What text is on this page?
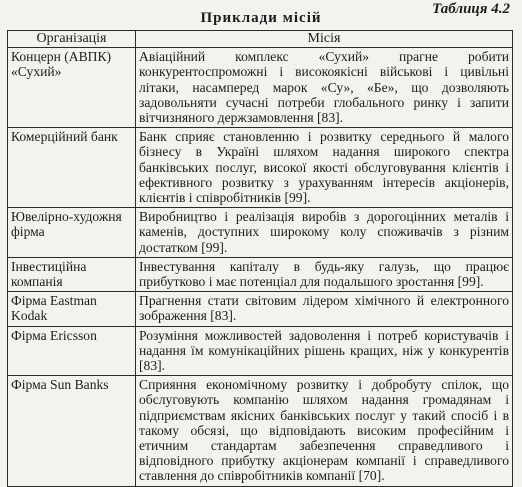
Таблиця 4.2
Приклади місій
Організація	Місія
Концерн (АВПК) «Сухий»	Авіаційний комплекс «Сухий» прагне робити конкурентоспроможні і високоякісні військові і цивільні літаки, насамперед марок «Су», «Бе», що дозволяють задовольняти сучасні потреби глобального ринку і запити вітчизняного держзамовлення [83].
Комерційний банк	Банк сприяє становленню і розвитку середнього й малого бізнесу в Україні шляхом надання широкого спектра банківських послуг, високої якості обслуговування клієнтів і ефективного розвитку з урахуванням інтересів акціонерів, клієнтів і співробітників [99].
Ювелірно-художня фірма	Виробництво і реалізація виробів з дорогоцінних металів і каменів, доступних широкому колу споживачів з різним достатком [99].
Інвестиційна компанія	Інвестування капіталу в будь-яку галузь, що працює прибутково і має потенціал для подальшого зростання [99].
Фірма Eastman Kodak	Прагнення стати світовим лідером хімічного й електронного зображення [83].
Фірма Ericsson	Розуміння можливостей задоволення і потреб користувачів і надання їм комунікаційних рішень кращих, ніж у конкурентів [83].
Фірма Sun Banks	Сприяння економічному розвитку і добробуту спілок, що обслуговують компанію шляхом надання громадянам і підприємствам якісних банківських послуг у такий спосіб і в такому обсязі, що відповідають високим професійним і етичним стандартам забезпечення справедливого і відповідного прибутку акціонерам компанії і справедливого ставлення до співробітників компанії [70].
